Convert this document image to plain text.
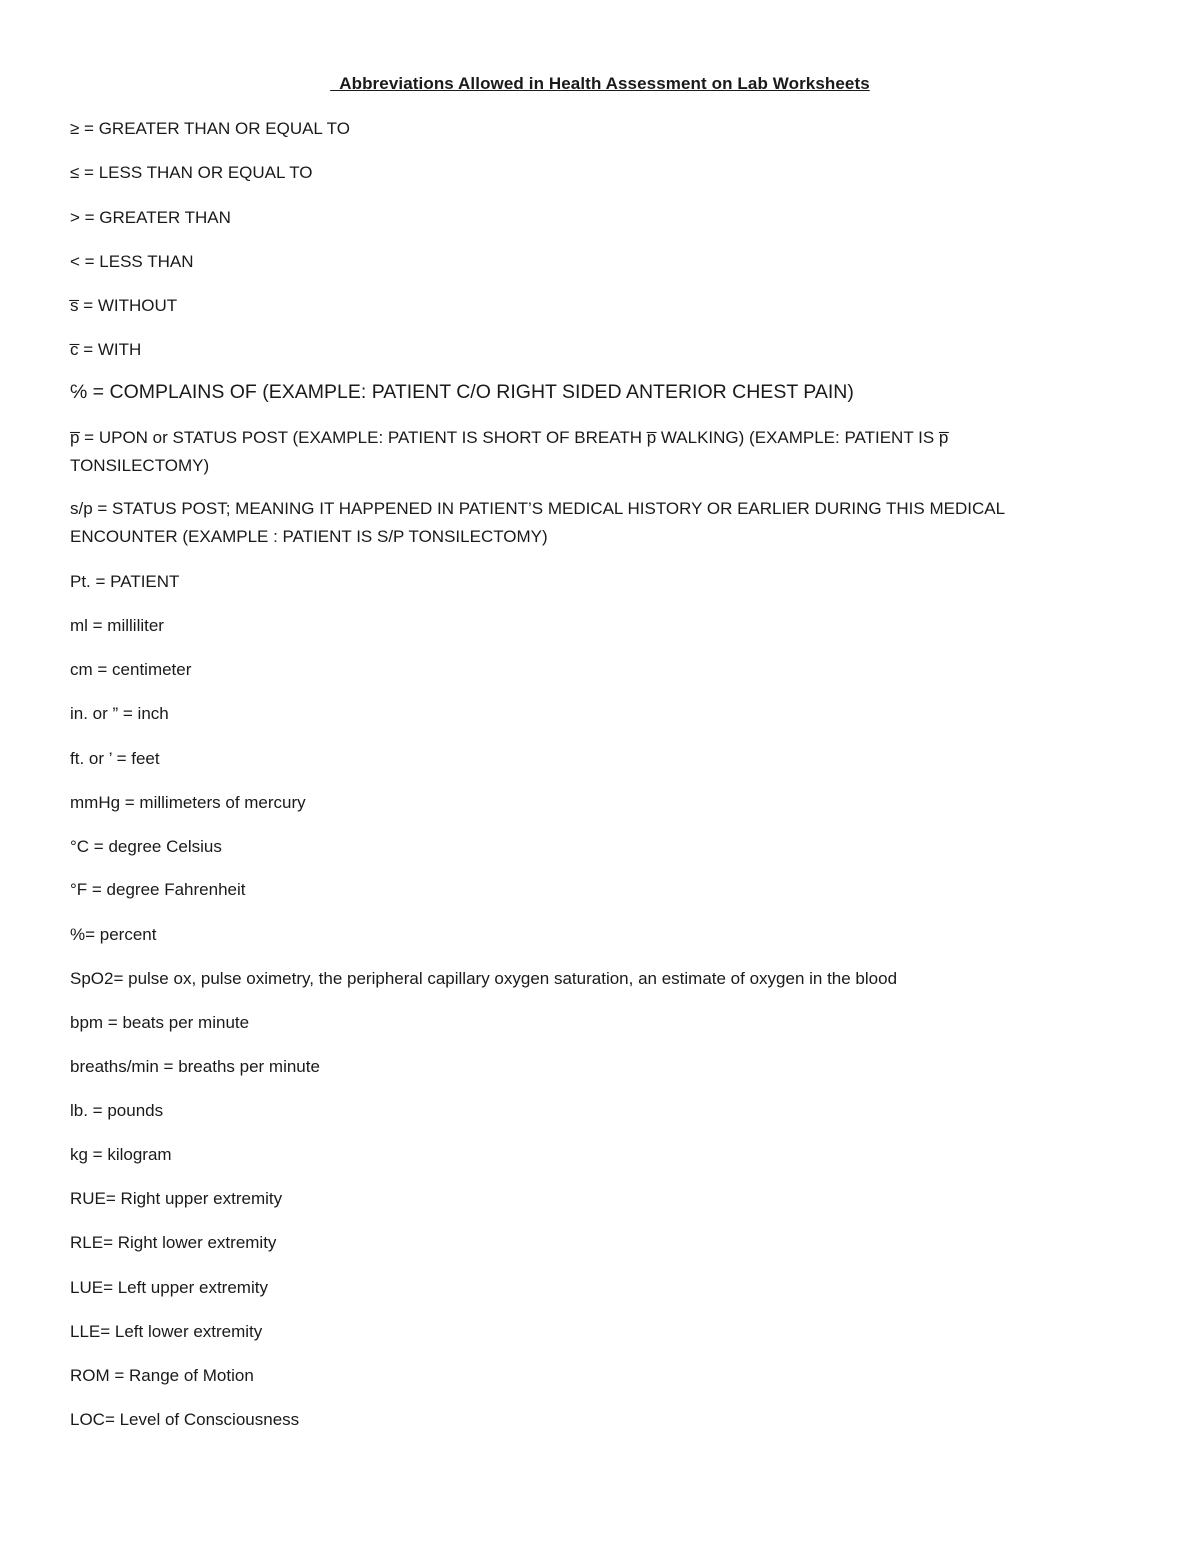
Abbreviations Allowed in Health Assessment on Lab Worksheets
≥ = GREATER THAN OR EQUAL TO
≤ = LESS THAN OR EQUAL TO
> = GREATER THAN
< = LESS THAN
s̅ = WITHOUT
c̅ = WITH
℅ = COMPLAINS OF (EXAMPLE: PATIENT C/O RIGHT SIDED ANTERIOR CHEST PAIN)
p̅ = UPON or STATUS POST (EXAMPLE: PATIENT IS SHORT OF BREATH p̅ WALKING) (EXAMPLE: PATIENT IS p̅ TONSILECTOMY)
s/p = STATUS POST; MEANING IT HAPPENED IN PATIENT’S MEDICAL HISTORY OR EARLIER DURING THIS MEDICAL ENCOUNTER (EXAMPLE : PATIENT IS S/P TONSILECTOMY)
Pt. = PATIENT
ml = milliliter
cm = centimeter
in. or ” = inch
ft. or ’ = feet
mmHg = millimeters of mercury
°C = degree Celsius
°F = degree Fahrenheit
%= percent
SpO2= pulse ox, pulse oximetry, the peripheral capillary oxygen saturation, an estimate of oxygen in the blood
bpm = beats per minute
breaths/min = breaths per minute
lb. = pounds
kg = kilogram
RUE= Right upper extremity
RLE= Right lower extremity
LUE= Left upper extremity
LLE= Left lower extremity
ROM = Range of Motion
LOC= Level of Consciousness
